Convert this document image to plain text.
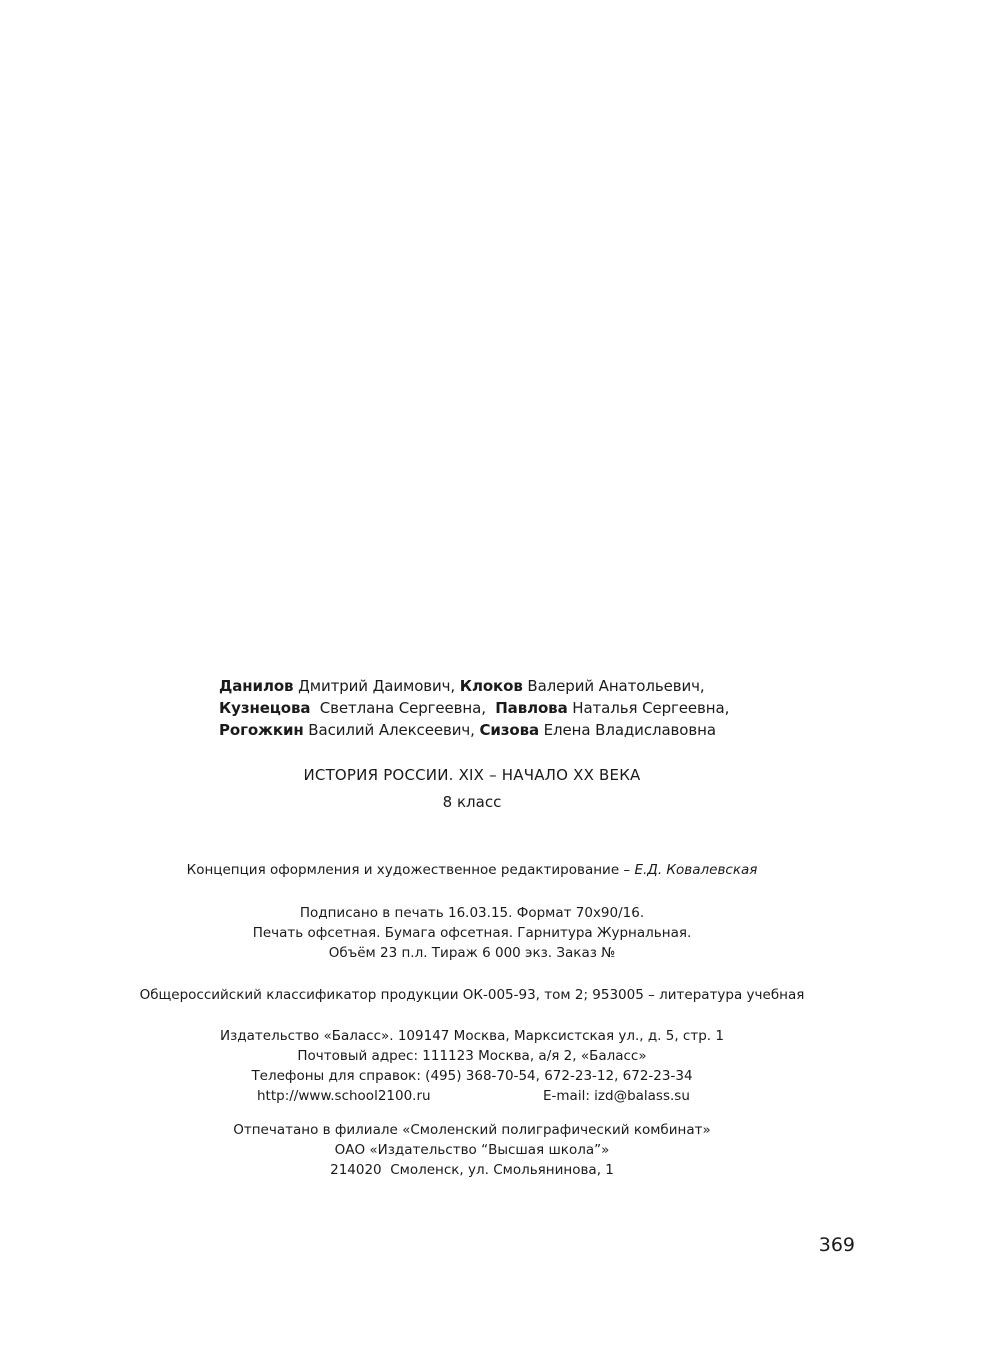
Данилов Дмитрий Даимович, Клоков Валерий Анатольевич,
Кузнецова  Светлана Сергеевна,  Павлова Наталья Сергеевна,
Рогожкин Василий Алексеевич, Сизова Елена Владиславовна
ИСТОРИЯ РОССИИ. XIX – НАЧАЛО XX ВЕКА
8 класс
Концепция оформления и художественное редактирование – Е.Д. Ковалевская
Подписано в печать 16.03.15. Формат 70x90/16.
Печать офсетная. Бумага офсетная. Гарнитура Журнальная.
Объём 23 п.л. Тираж 6 000 экз. Заказ №
Общероссийский классификатор продукции ОК-005-93, том 2; 953005 – литература учебная
Издательство «Баласс». 109147 Москва, Марксистская ул., д. 5, стр. 1
Почтовый адрес: 111123 Москва, а/я 2, «Баласс»
Телефоны для справок: (495) 368-70-54, 672-23-12, 672-23-34
http://www.school2100.ru	E-mail: izd@balass.su
Отпечатано в филиале «Смоленский полиграфический комбинат»
ОАО «Издательство “Высшая школа”»
214020  Смоленск, ул. Смольянинова, 1
369
